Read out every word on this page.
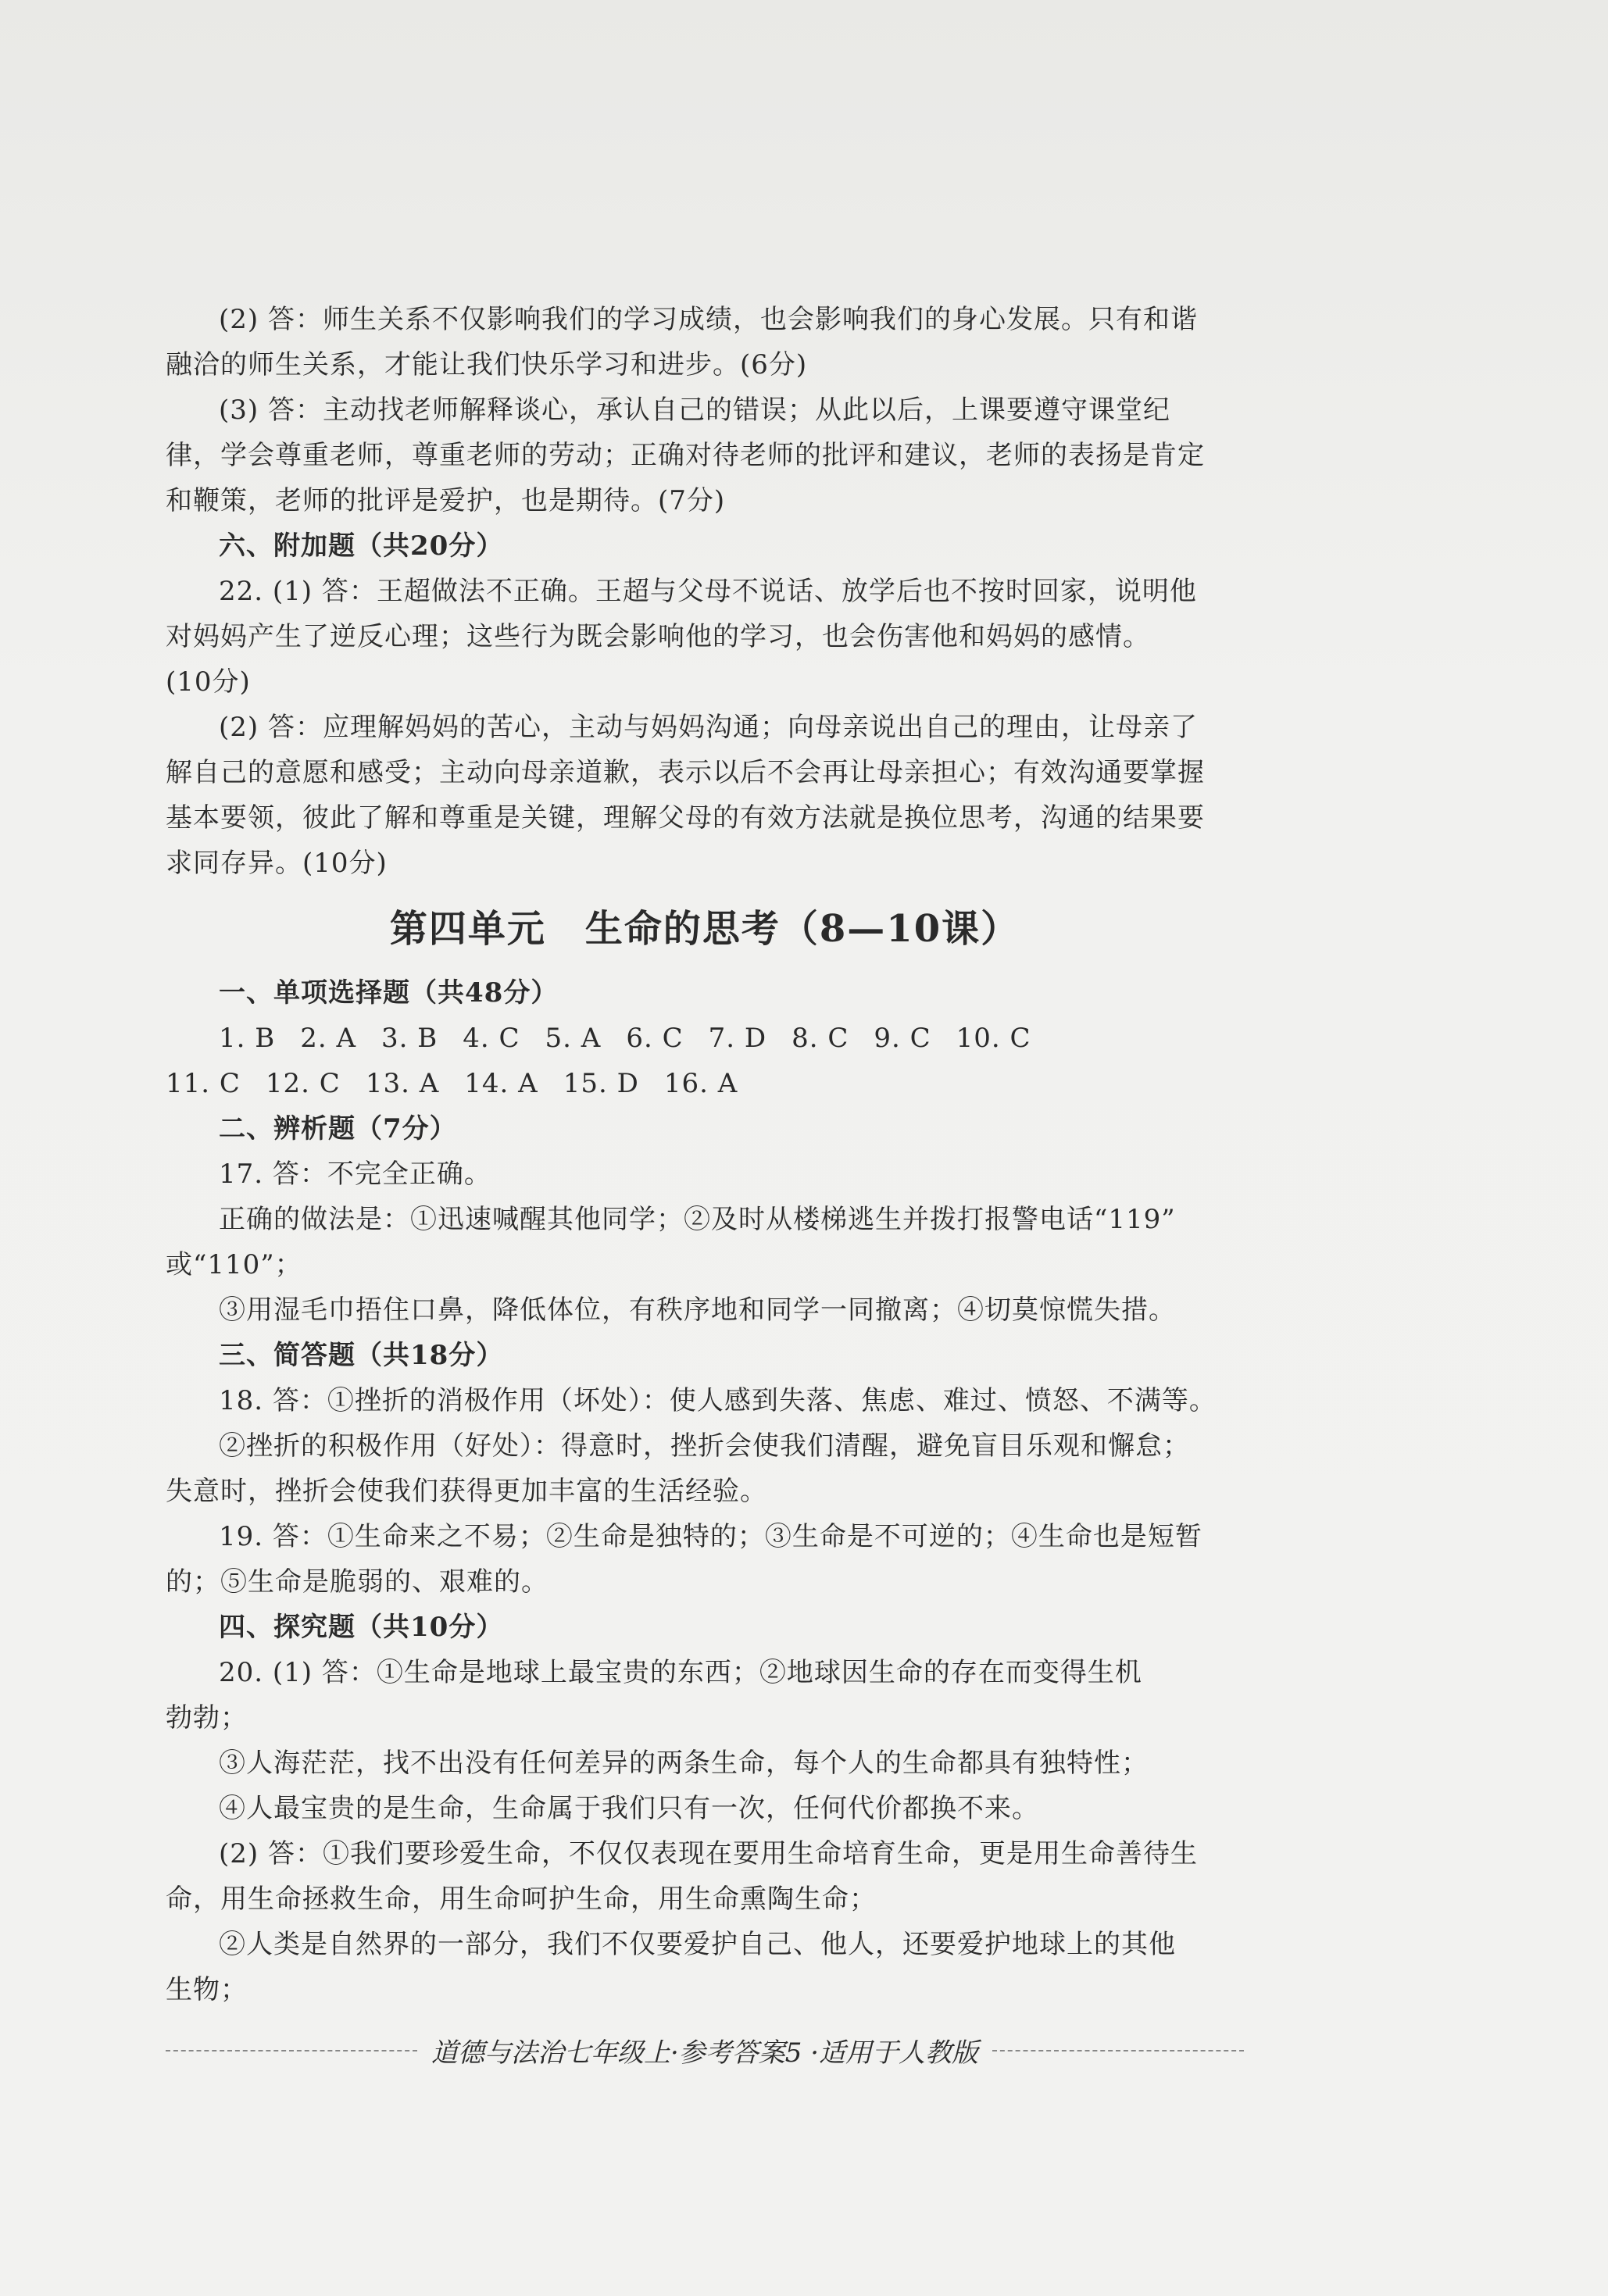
(2) 答：师生关系不仅影响我们的学习成绩，也会影响我们的身心发展。只有和谐
融洽的师生关系，才能让我们快乐学习和进步。(6分)
(3) 答：主动找老师解释谈心，承认自己的错误；从此以后，上课要遵守课堂纪
律，学会尊重老师，尊重老师的劳动；正确对待老师的批评和建议，老师的表扬是肯定
和鞭策，老师的批评是爱护，也是期待。(7分)
六、附加题（共20分）
22. (1) 答：王超做法不正确。王超与父母不说话、放学后也不按时回家，说明他
对妈妈产生了逆反心理；这些行为既会影响他的学习，也会伤害他和妈妈的感情。
(10分)
(2) 答：应理解妈妈的苦心，主动与妈妈沟通；向母亲说出自己的理由，让母亲了
解自己的意愿和感受；主动向母亲道歉，表示以后不会再让母亲担心；有效沟通要掌握
基本要领，彼此了解和尊重是关键，理解父母的有效方法就是换位思考，沟通的结果要
求同存异。(10分)
第四单元　生命的思考（8—10课）
一、单项选择题（共48分）
1. B 2. A 3. B 4. C 5. A 6. C 7. D 8. C 9. C 10. C
11. C 12. C 13. A 14. A 15. D 16. A
二、辨析题（7分）
17. 答：不完全正确。
正确的做法是：①迅速喊醒其他同学；②及时从楼梯逃生并拨打报警电话“119”
或“110”；
③用湿毛巾捂住口鼻，降低体位，有秩序地和同学一同撤离；④切莫惊慌失措。
三、简答题（共18分）
18. 答：①挫折的消极作用（坏处）：使人感到失落、焦虑、难过、愤怒、不满等。
②挫折的积极作用（好处）：得意时，挫折会使我们清醒，避免盲目乐观和懈怠；
失意时，挫折会使我们获得更加丰富的生活经验。
19. 答：①生命来之不易；②生命是独特的；③生命是不可逆的；④生命也是短暂
的；⑤生命是脆弱的、艰难的。
四、探究题（共10分）
20. (1) 答：①生命是地球上最宝贵的东西；②地球因生命的存在而变得生机
勃勃；
③人海茫茫，找不出没有任何差异的两条生命，每个人的生命都具有独特性；
④人最宝贵的是生命，生命属于我们只有一次，任何代价都换不来。
(2) 答：①我们要珍爱生命，不仅仅表现在要用生命培育生命，更是用生命善待生
命，用生命拯救生命，用生命呵护生命，用生命熏陶生命；
②人类是自然界的一部分，我们不仅要爱护自己、他人，还要爱护地球上的其他
生物；
道德与法治七年级上·参考答案5 ·适用于人教版
